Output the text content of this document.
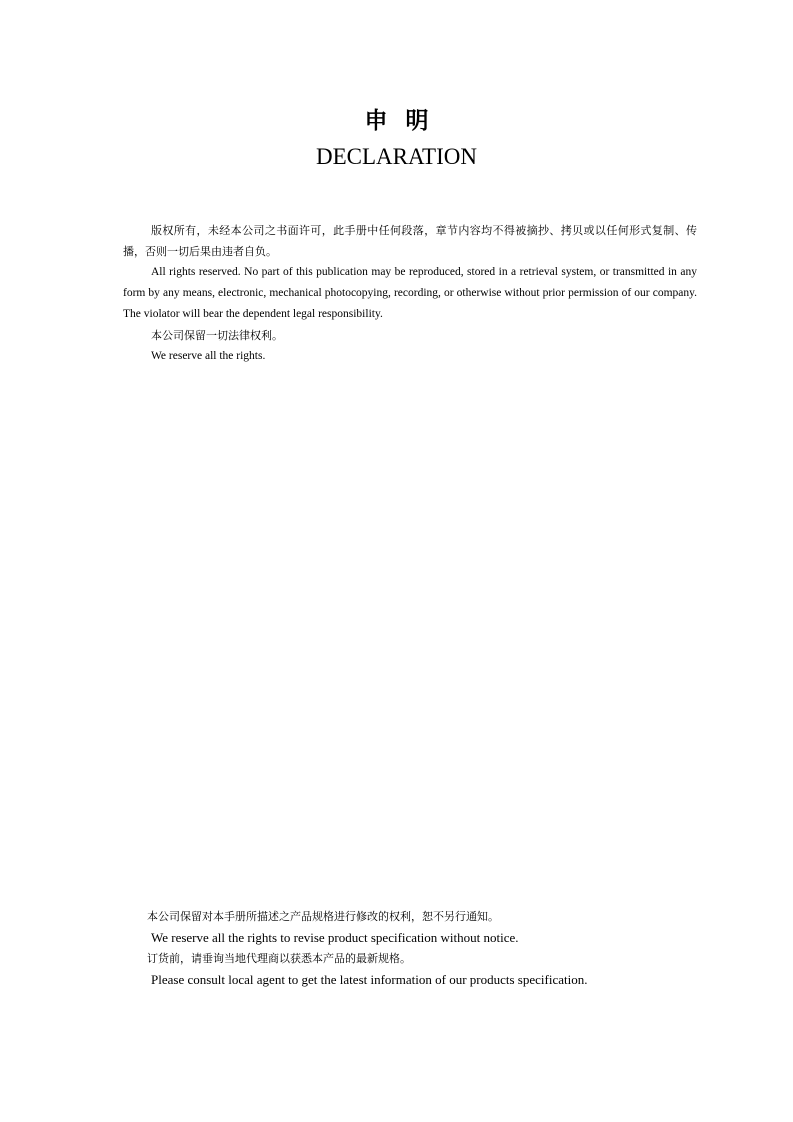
申明
DECLARATION

版权所有，未经本公司之书面许可，此手册中任何段落，章节内容均不得被摘抄、拷贝或以任何形式复制、传播，否则一切后果由违者自负。

All rights reserved. No part of this publication may be reproduced, stored in a retrieval system, or transmitted in any form by any means, electronic, mechanical photocopying, recording, or otherwise without prior permission of our company. The violator will bear the dependent legal responsibility.

本公司保留一切法律权利。

We reserve all the rights.

本公司保留对本手册所描述之产品规格进行修改的权利，恕不另行通知。

We reserve all the rights to revise product specification without notice.

订货前，请垂询当地代理商以获悉本产品的最新规格。

Please consult local agent to get the latest information of our products specification.
